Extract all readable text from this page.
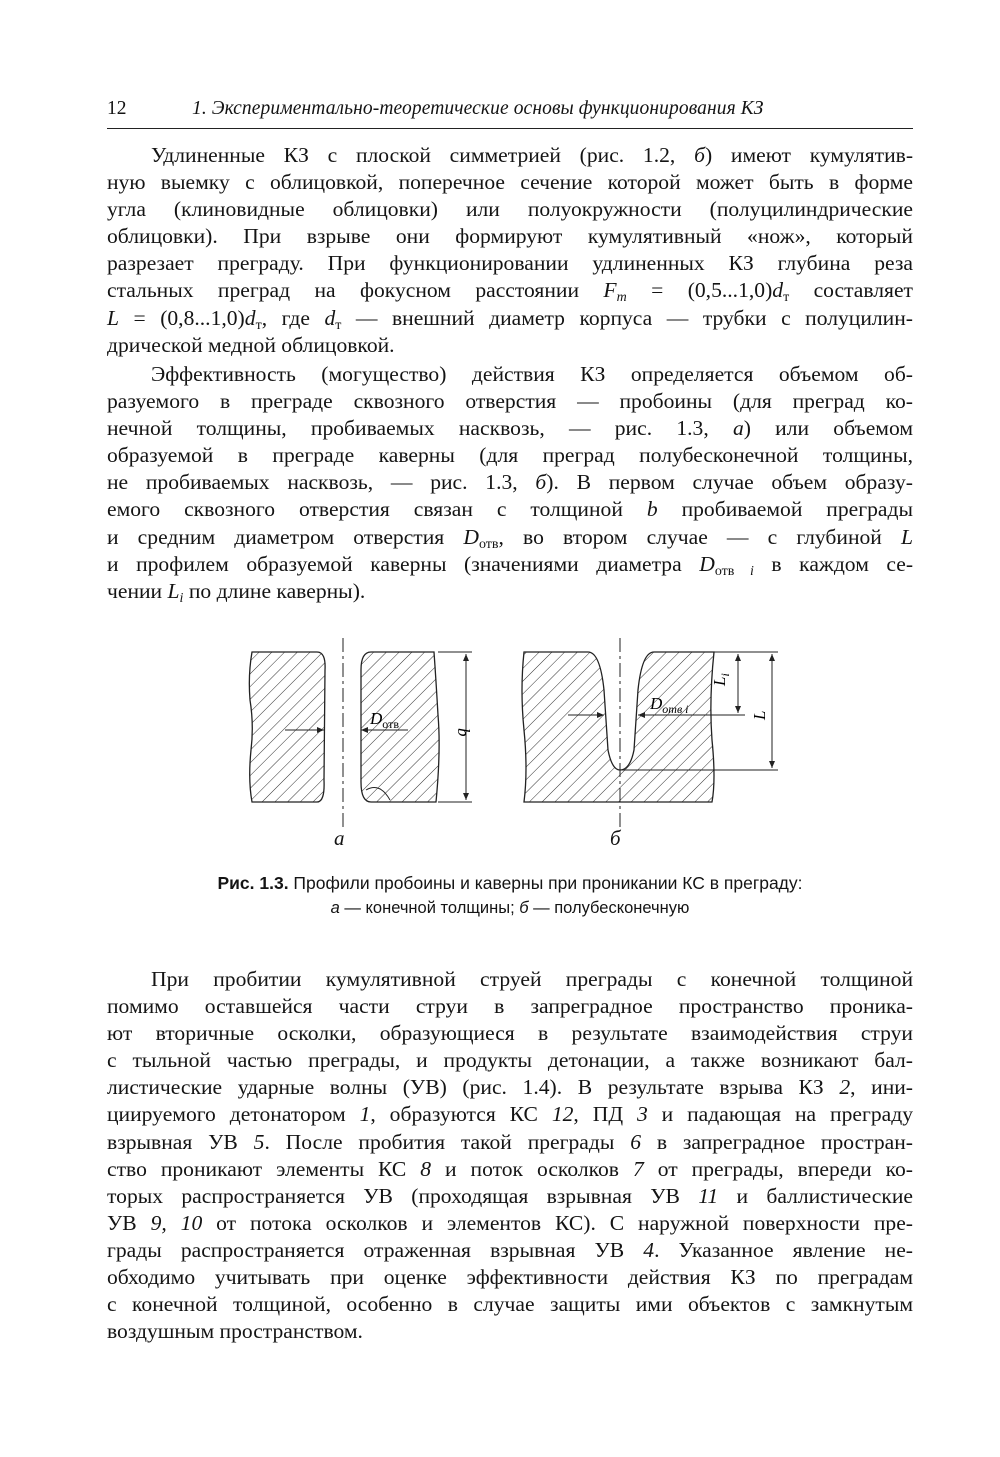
12	1. Экспериментально-теоретические основы функционирования КЗ
Удлиненные КЗ с плоской симметрией (рис. 1.2, б) имеют кумулятив-
ную выемку с облицовкой, поперечное сечение которой может быть в форме
угла (клиновидные облицовки) или полуокружности (полуцилиндрические
облицовки). При взрыве они формируют кумулятивный «нож», который
разрезает преграду. При функционировании удлиненных КЗ глубина реза
стальных преград на фокусном расстоянии $F_m = (0,5...1,0)d_т$ составляет
$L = (0,8...1,0)d_т$, где $d_т$ — внешний диаметр корпуса — трубки с полуцилин-
дрической медной облицовкой.
Эффективность (могущество) действия КЗ определяется объемом об-
разуемого в преграде сквозного отверстия — пробоины (для преград ко-
нечной толщины, пробиваемых насквозь, — рис. 1.3, а) или объемом
образуемой в преграде каверны (для преград полубесконечной толщины,
не пробиваемых насквозь, — рис. 1.3, б). В первом случае объем образу-
емого сквозного отверстия связан с толщиной b пробиваемой преграды
и средним диаметром отверстия $D_{отв}$, во втором случае — с глубиной L
и профилем образуемой каверны (значениями диаметра $D_{отв i}$ в каждом се-
чении $L_i$ по длине каверны).
$D_{отв}$
b
$D_{отв i}$
$L_i$
L
а	б
Рис. 1.3. Профили пробоины и каверны при проникании КС в преграду:
а — конечной толщины; б — полубесконечную
При пробитии кумулятивной струей преграды с конечной толщиной
помимо оставшейся части струи в запреградное пространство проника-
ют вторичные осколки, образующиеся в результате взаимодействия струи
с тыльной частью преграды, и продукты детонации, а также возникают бал-
листические ударные волны (УВ) (рис. 1.4). В результате взрыва КЗ 2, ини-
циируемого детонатором 1, образуются КС 12, ПД 3 и падающая на преграду
взрывная УВ 5. После пробития такой преграды 6 в запреградное простран-
ство проникают элементы КС 8 и поток осколков 7 от преграды, впереди ко-
торых распространяется УВ (проходящая взрывная УВ 11 и баллистические
УВ 9, 10 от потока осколков и элементов КС). С наружной поверхности пре-
грады распространяется отраженная взрывная УВ 4. Указанное явление не-
обходимо учитывать при оценке эффективности действия КЗ по преградам
с конечной толщиной, особенно в случае защиты ими объектов с замкнутым
воздушным пространством.
